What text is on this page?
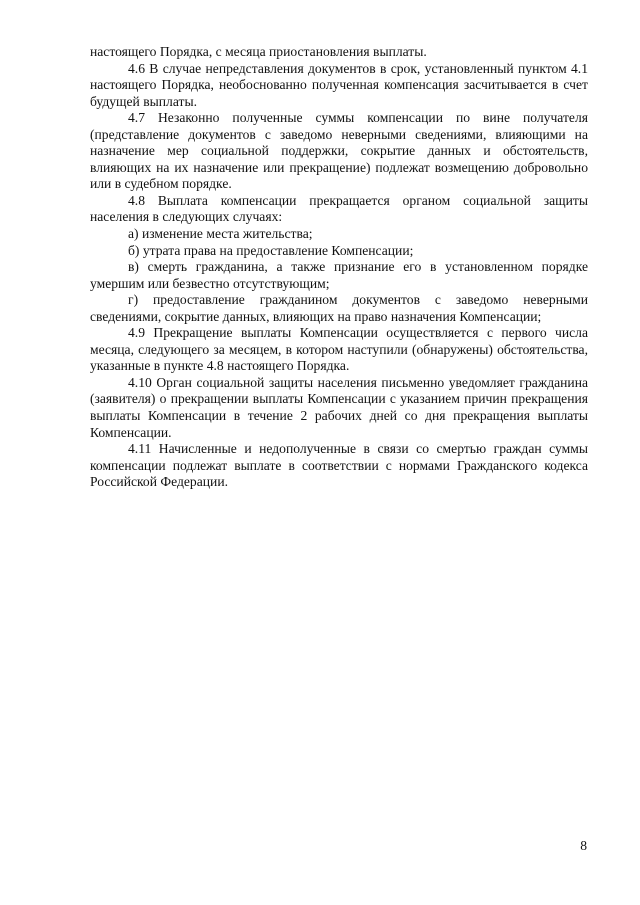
настоящего Порядка, с месяца приостановления выплаты.

4.6 В случае непредставления документов в срок, установленный пунктом 4.1 настоящего Порядка, необоснованно полученная компенсация засчитывается в счет будущей выплаты.

4.7 Незаконно полученные суммы компенсации по вине получателя (представление документов с заведомо неверными сведениями, влияющими на назначение мер социальной поддержки, сокрытие данных и обстоятельств, влияющих на их назначение или прекращение) подлежат возмещению добровольно или в судебном порядке.

4.8 Выплата компенсации прекращается органом социальной защиты населения в следующих случаях:

а) изменение места жительства;

б) утрата права на предоставление Компенсации;

в) смерть гражданина, а также признание его в установленном порядке умершим или безвестно отсутствующим;

г) предоставление гражданином документов с заведомо неверными сведениями, сокрытие данных, влияющих на право назначения Компенсации;

4.9 Прекращение выплаты Компенсации осуществляется с первого числа месяца, следующего за месяцем, в котором наступили (обнаружены) обстоятельства, указанные в пункте 4.8 настоящего Порядка.

4.10 Орган социальной защиты населения письменно уведомляет гражданина (заявителя) о прекращении выплаты Компенсации с указанием причин прекращения выплаты Компенсации в течение 2 рабочих дней со дня прекращения выплаты Компенсации.

4.11 Начисленные и недополученные в связи со смертью граждан суммы компенсации подлежат выплате в соответствии с нормами Гражданского кодекса Российской Федерации.

8
